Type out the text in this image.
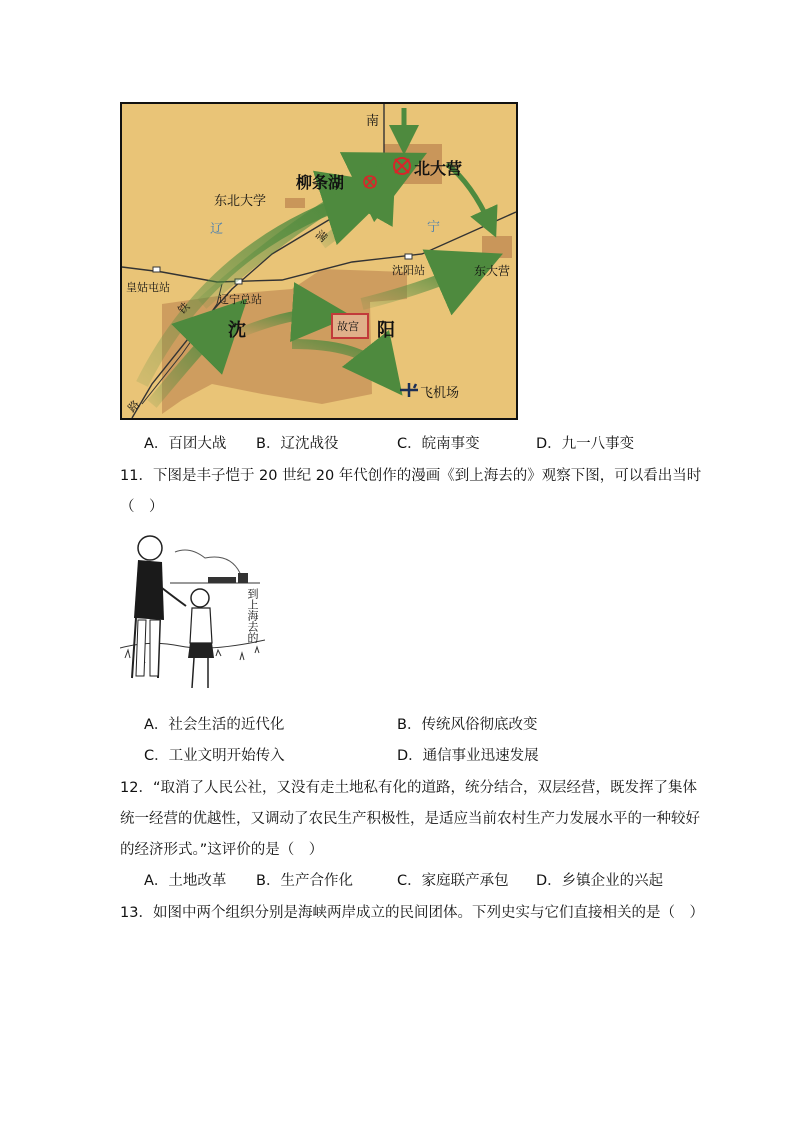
南
北大营
柳条湖
东北大学
辽	宁
满
沈阳站	东大营
皇姑屯站
辽宁总站
铁
路
沈	阳
故宫
飞机场
A．百团大战 B．辽沈战役	C．皖南事变	D．九一八事变
11．下图是丰子恺于 20 世纪 20 年代创作的漫画《到上海去的》观察下图，可以看出当时
（　）
到上海去的
A．社会生活的近代化	B．传统风俗彻底改变
C．工业文明开始传入	D．通信事业迅速发展
12．“取消了人民公社，又没有走土地私有化的道路，统分结合，双层经营，既发挥了集体
统一经营的优越性，又调动了农民生产积极性，是适应当前农村生产力发展水平的一种较好
的经济形式。”这评价的是（　）
A．土地改革 B．生产合作化	C．家庭联产承包 D．乡镇企业的兴起
13．如图中两个组织分别是海峡两岸成立的民间团体。下列史实与它们直接相关的是（　）
